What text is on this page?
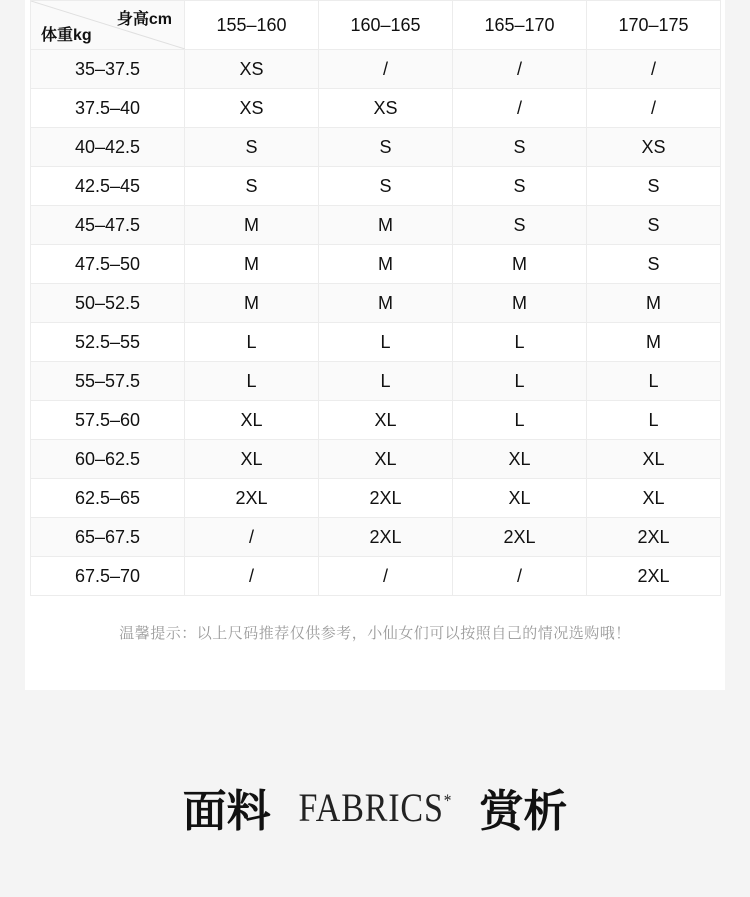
身高cm
体重kg	155–160	160–165	165–170	170–175
35–37.5	XS	/	/	/
37.5–40	XS	XS	/	/
40–42.5	S	S	S	XS
42.5–45	S	S	S	S
45–47.5	M	M	S	S
47.5–50	M	M	M	S
50–52.5	M	M	M	M
52.5–55	L	L	L	M
55–57.5	L	L	L	L
57.5–60	XL	XL	L	L
60–62.5	XL	XL	XL	XL
62.5–65	2XL	2XL	XL	XL
65–67.5	/	2XL	2XL	2XL
67.5–70	/	/	/	2XL
温馨提示：以上尺码推荐仅供参考，小仙女们可以按照自己的情况选购哦！
面料 FABRICS* 赏析
